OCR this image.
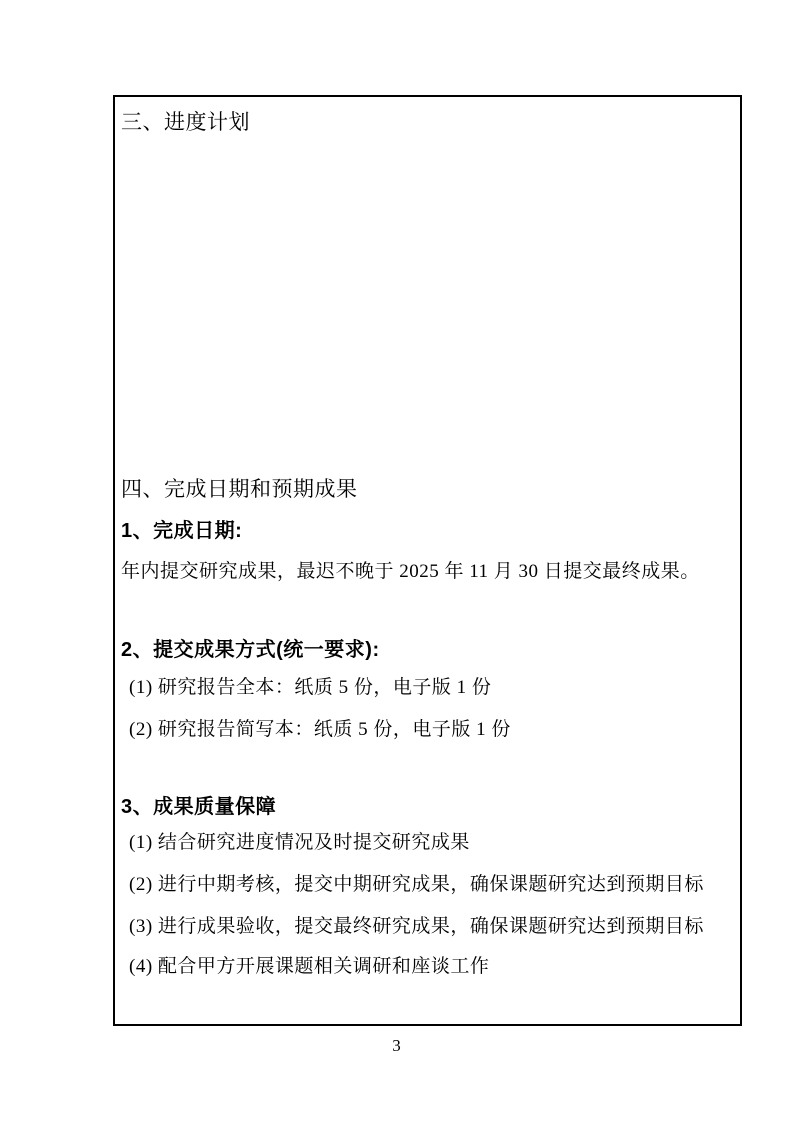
三、进度计划
四、完成日期和预期成果
1、完成日期:
年内提交研究成果，最迟不晚于 2025 年 11 月 30 日提交最终成果。
2、提交成果方式(统一要求):
(1) 研究报告全本：纸质 5 份，电子版 1 份
(2) 研究报告简写本：纸质 5 份，电子版 1 份
3、成果质量保障
(1) 结合研究进度情况及时提交研究成果
(2) 进行中期考核，提交中期研究成果，确保课题研究达到预期目标
(3) 进行成果验收，提交最终研究成果，确保课题研究达到预期目标
(4) 配合甲方开展课题相关调研和座谈工作
3
